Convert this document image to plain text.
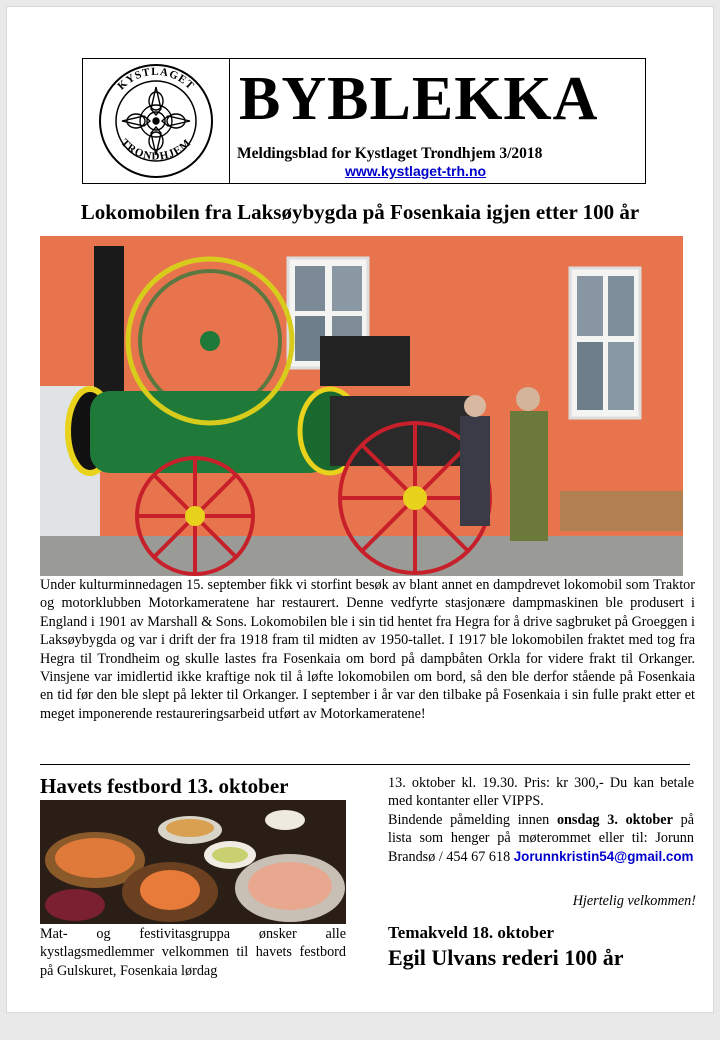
KYSTLAGET
TRONDHJEM
BYBLEKKA
Meldingsblad for Kystlaget Trondhjem 3/2018
www.kystlaget-trh.no
Lokomobilen fra Laksøybygda på Fosenkaia igjen etter 100 år
Under kulturminnedagen 15. september fikk vi storfint besøk av blant annet en dampdrevet lokomobil som Traktor og motorklubben Motorkameratene har restaurert. Denne vedfyrte stasjonære dampmaskinen ble produsert i England i 1901 av Marshall & Sons. Lokomobilen ble i sin tid hentet fra Hegra for å drive sagbruket på Groeggen i Laksøybygda og var i drift der fra 1918 fram til midten av 1950-tallet. I 1917 ble lokomobilen fraktet med tog fra Hegra til Trondheim og skulle lastes fra Fosenkaia om bord på dampbåten Orkla for videre frakt til Orkanger. Vinsjene var imidlertid ikke kraftige nok til å løfte lokomobilen om bord, så den ble derfor stående på Fosenkaia en tid før den ble slept på lekter til Orkanger. I september i år var den tilbake på Fosenkaia i sin fulle prakt etter et meget imponerende restaureringsarbeid utført av Motorkameratene!
Havets festbord 13. oktober
Mat- og festivitasgruppa ønsker alle kystlagsmedlemmer velkommen til havets festbord på Gulskuret, Fosenkaia lørdag
13. oktober kl. 19.30. Pris: kr 300,- Du kan betale med kontanter eller VIPPS.
Bindende påmelding innen onsdag 3. oktober på lista som henger på møterommet eller til: Jorunn Brandsø / 454 67 618 Jorunnkristin54@gmail.com
Hjertelig velkommen!
Temakveld 18. oktober
Egil Ulvans rederi 100 år
